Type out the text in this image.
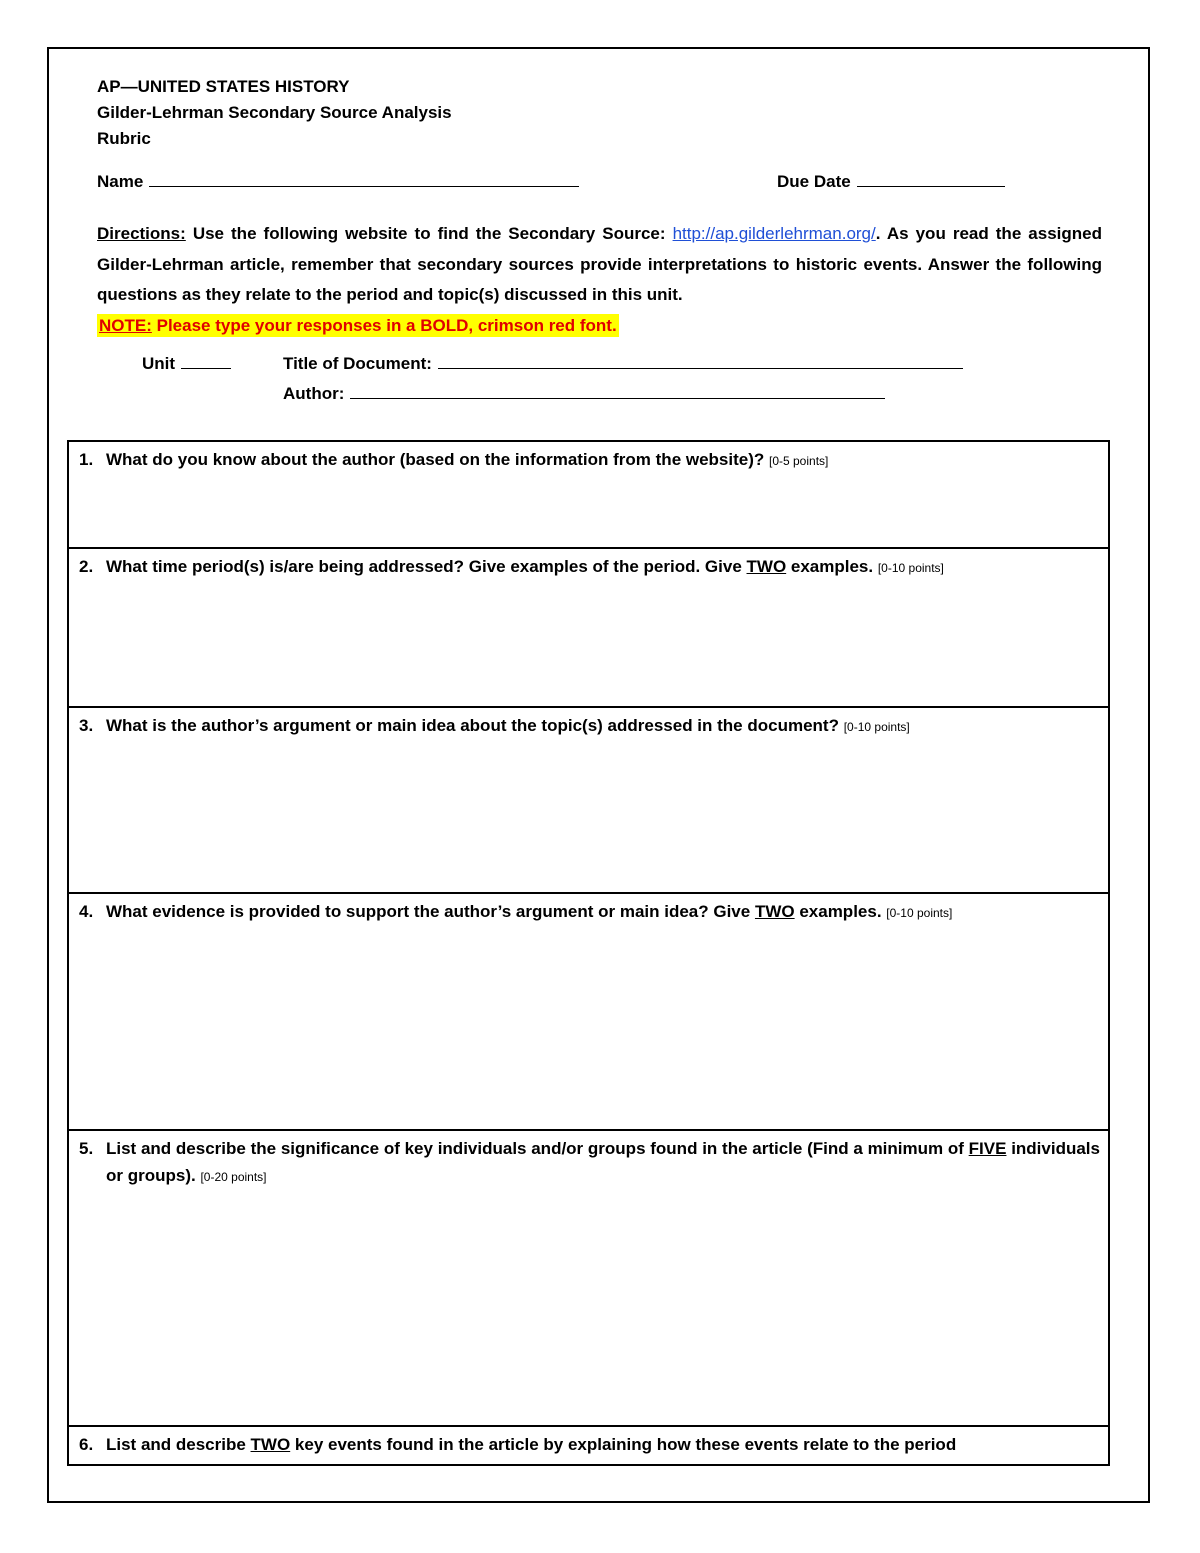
AP—UNITED STATES HISTORY
Gilder-Lehrman Secondary Source Analysis
Rubric
Name	Due Date
Directions: Use the following website to find the Secondary Source: http://ap.gilderlehrman.org/. As you read the assigned Gilder-Lehrman article, remember that secondary sources provide interpretations to historic events. Answer the following questions as they relate to the period and topic(s) discussed in this unit.
NOTE: Please type your responses in a BOLD, crimson red font.
Unit	Title of Document:
Author:
1. What do you know about the author (based on the information from the website)? [0-5 points]
2. What time period(s) is/are being addressed? Give examples of the period. Give TWO examples. [0-10 points]
3. What is the author’s argument or main idea about the topic(s) addressed in the document? [0-10 points]
4. What evidence is provided to support the author’s argument or main idea? Give TWO examples. [0-10 points]
5. List and describe the significance of key individuals and/or groups found in the article (Find a minimum of FIVE individuals or groups). [0-20 points]
6. List and describe TWO key events found in the article by explaining how these events relate to the period
